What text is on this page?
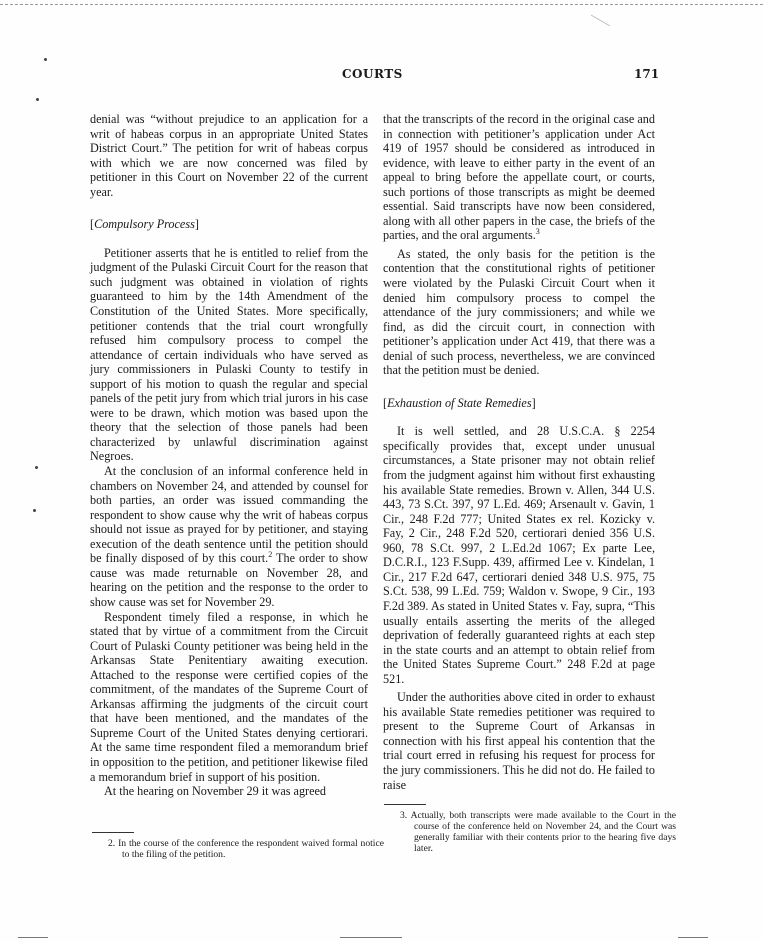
COURTS	171

denial was “without prejudice to an application for a writ of habeas corpus in an appropriate United States District Court.” The petition for writ of habeas corpus with which we are now concerned was filed by petitioner in this Court on November 22 of the current year.

[Compulsory Process]

Petitioner asserts that he is entitled to relief from the judgment of the Pulaski Circuit Court for the reason that such judgment was obtained in violation of rights guaranteed to him by the 14th Amendment of the Constitution of the United States. More specifically, petitioner contends that the trial court wrongfully refused him compulsory process to compel the attendance of certain individuals who have served as jury commissioners in Pulaski County to testify in support of his motion to quash the regular and special panels of the petit jury from which trial jurors in his case were to be drawn, which motion was based upon the theory that the selection of those panels had been characterized by unlawful discrimination against Negroes.

At the conclusion of an informal conference held in chambers on November 24, and attended by counsel for both parties, an order was issued commanding the respondent to show cause why the writ of habeas corpus should not issue as prayed for by petitioner, and staying execution of the death sentence until the petition should be finally disposed of by this court.$^2$ The order to show cause was made returnable on November 28, and hearing on the petition and the response to the order to show cause was set for November 29.

Respondent timely filed a response, in which he stated that by virtue of a commitment from the Circuit Court of Pulaski County petitioner was being held in the Arkansas State Penitentiary awaiting execution. Attached to the response were certified copies of the commitment, of the mandates of the Supreme Court of Arkansas affirming the judgments of the circuit court that have been mentioned, and the mandates of the Supreme Court of the United States denying certiorari. At the same time respondent filed a memorandum brief in opposition to the petition, and petitioner likewise filed a memorandum brief in support of his position.

At the hearing on November 29 it was agreed

2. In the course of the conference the respondent waived formal notice to the filing of the petition.

that the transcripts of the record in the original case and in connection with petitioner’s application under Act 419 of 1957 should be considered as introduced in evidence, with leave to either party in the event of an appeal to bring before the appellate court, or courts, such portions of those transcripts as might be deemed essential. Said transcripts have now been considered, along with all other papers in the case, the briefs of the parties, and the oral arguments.$^3$

As stated, the only basis for the petition is the contention that the constitutional rights of petitioner were violated by the Pulaski Circuit Court when it denied him compulsory process to compel the attendance of the jury commissioners; and while we find, as did the circuit court, in connection with petitioner’s application under Act 419, that there was a denial of such process, nevertheless, we are convinced that the petition must be denied.

[Exhaustion of State Remedies]

It is well settled, and 28 U.S.C.A. § 2254 specifically provides that, except under unusual circumstances, a State prisoner may not obtain relief from the judgment against him without first exhausting his available State remedies. Brown v. Allen, 344 U.S. 443, 73 S.Ct. 397, 97 L.Ed. 469; Arsenault v. Gavin, 1 Cir., 248 F.2d 777; United States ex rel. Kozicky v. Fay, 2 Cir., 248 F.2d 520, certiorari denied 356 U.S. 960, 78 S.Ct. 997, 2 L.Ed.2d 1067; Ex parte Lee, D.C.R.I., 123 F.Supp. 439, affirmed Lee v. Kindelan, 1 Cir., 217 F.2d 647, certiorari denied 348 U.S. 975, 75 S.Ct. 538, 99 L.Ed. 759; Waldon v. Swope, 9 Cir., 193 F.2d 389. As stated in United States v. Fay, supra, “This usually entails asserting the merits of the alleged deprivation of federally guaranteed rights at each step in the state courts and an attempt to obtain relief from the United States Supreme Court.” 248 F.2d at page 521.

Under the authorities above cited in order to exhaust his available State remedies petitioner was required to present to the Supreme Court of Arkansas in connection with his first appeal his contention that the trial court erred in refusing his request for process for the jury commissioners. This he did not do. He failed to raise

3. Actually, both transcripts were made available to the Court in the course of the conference held on November 24, and the Court was generally familiar with their contents prior to the hearing five days later.
